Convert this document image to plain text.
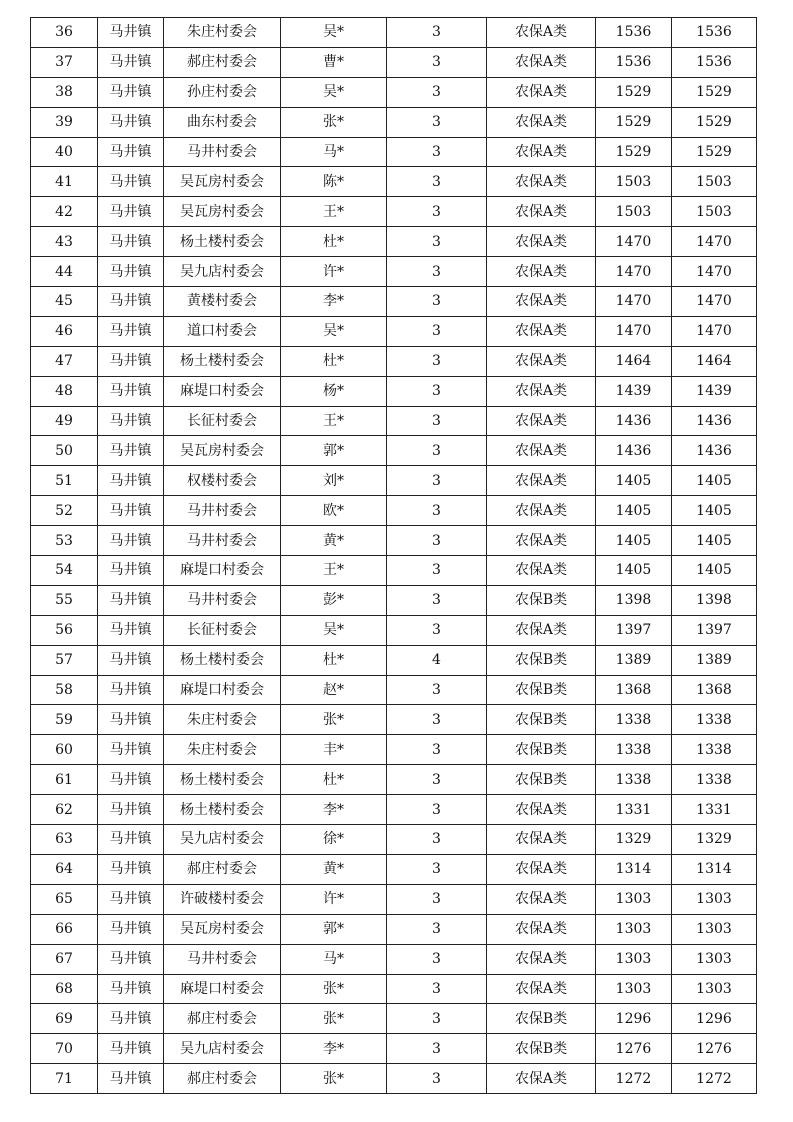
36	马井镇	朱庄村委会	吴*	3	农保A类	1536	1536
37	马井镇	郝庄村委会	曹*	3	农保A类	1536	1536
38	马井镇	孙庄村委会	吴*	3	农保A类	1529	1529
39	马井镇	曲东村委会	张*	3	农保A类	1529	1529
40	马井镇	马井村委会	马*	3	农保A类	1529	1529
41	马井镇	吴瓦房村委会	陈*	3	农保A类	1503	1503
42	马井镇	吴瓦房村委会	王*	3	农保A类	1503	1503
43	马井镇	杨土楼村委会	杜*	3	农保A类	1470	1470
44	马井镇	吴九店村委会	许*	3	农保A类	1470	1470
45	马井镇	黄楼村委会	李*	3	农保A类	1470	1470
46	马井镇	道口村委会	吴*	3	农保A类	1470	1470
47	马井镇	杨土楼村委会	杜*	3	农保A类	1464	1464
48	马井镇	麻堤口村委会	杨*	3	农保A类	1439	1439
49	马井镇	长征村委会	王*	3	农保A类	1436	1436
50	马井镇	吴瓦房村委会	郭*	3	农保A类	1436	1436
51	马井镇	权楼村委会	刘*	3	农保A类	1405	1405
52	马井镇	马井村委会	欧*	3	农保A类	1405	1405
53	马井镇	马井村委会	黄*	3	农保A类	1405	1405
54	马井镇	麻堤口村委会	王*	3	农保A类	1405	1405
55	马井镇	马井村委会	彭*	3	农保B类	1398	1398
56	马井镇	长征村委会	吴*	3	农保A类	1397	1397
57	马井镇	杨土楼村委会	杜*	4	农保B类	1389	1389
58	马井镇	麻堤口村委会	赵*	3	农保B类	1368	1368
59	马井镇	朱庄村委会	张*	3	农保B类	1338	1338
60	马井镇	朱庄村委会	丰*	3	农保B类	1338	1338
61	马井镇	杨土楼村委会	杜*	3	农保B类	1338	1338
62	马井镇	杨土楼村委会	李*	3	农保A类	1331	1331
63	马井镇	吴九店村委会	徐*	3	农保A类	1329	1329
64	马井镇	郝庄村委会	黄*	3	农保A类	1314	1314
65	马井镇	许破楼村委会	许*	3	农保A类	1303	1303
66	马井镇	吴瓦房村委会	郭*	3	农保A类	1303	1303
67	马井镇	马井村委会	马*	3	农保A类	1303	1303
68	马井镇	麻堤口村委会	张*	3	农保A类	1303	1303
69	马井镇	郝庄村委会	张*	3	农保B类	1296	1296
70	马井镇	吴九店村委会	李*	3	农保B类	1276	1276
71	马井镇	郝庄村委会	张*	3	农保A类	1272	1272
